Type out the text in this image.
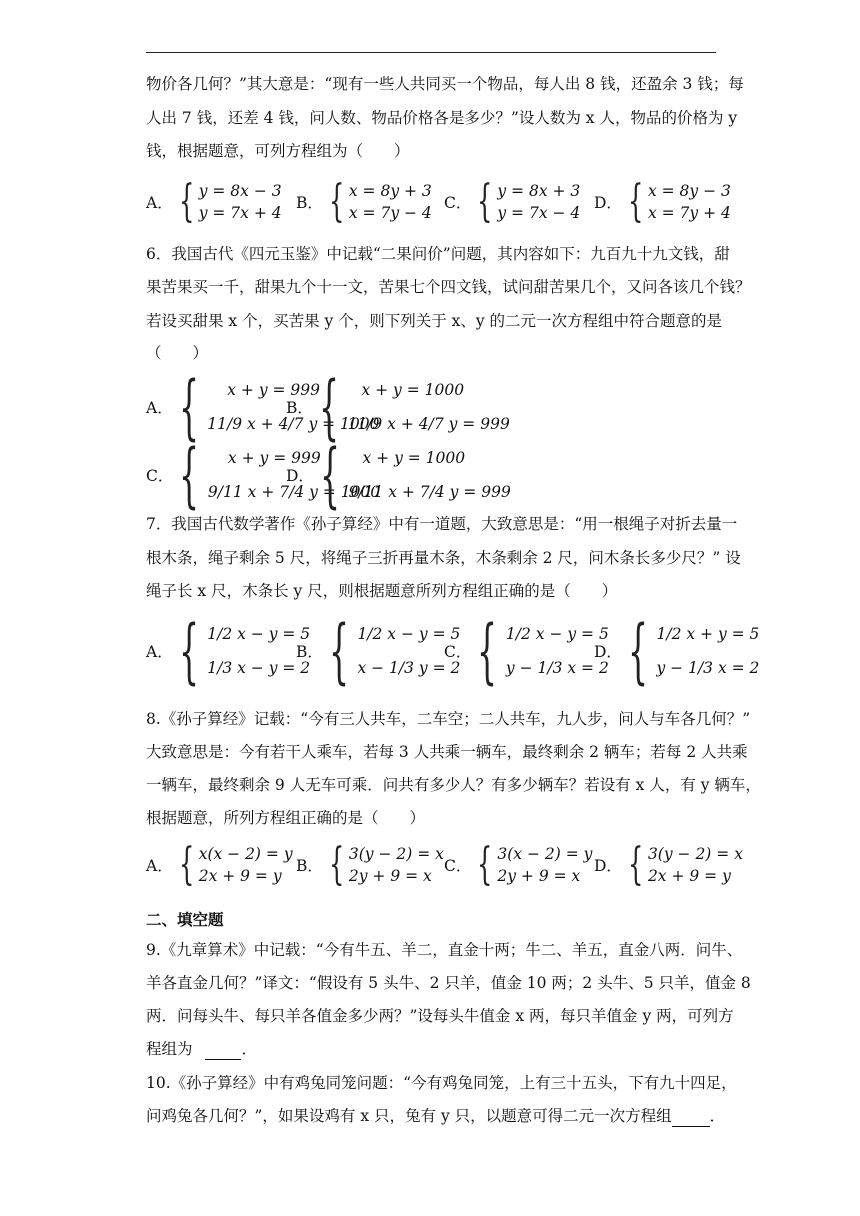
物价各几何？”其大意是：“现有一些人共同买一个物品，每人出 8 钱，还盈余 3 钱；每
人出 7 钱，还差 4 钱，问人数、物品价格各是多少？”设人数为 x 人，物品的价格为 y
钱，根据题意，可列方程组为（　　）
A． { y = 8x − 3
y = 7x + 4
B． { x = 8y + 3
x = 7y − 4
C． { y = 8x + 3
y = 7x − 4
D． { x = 8y − 3
x = 7y + 4
6．我国古代《四元玉鉴》中记载“二果问价”问题，其内容如下：九百九十九文钱，甜
果苦果买一千，甜果九个十一文，苦果七个四文钱，试问甜苦果几个，又问各该几个钱？
若设买甜果 x 个，买苦果 y 个，则下列关于 x、y 的二元一次方程组中符合题意的是
（　　）
A． {	x + y = 999
11/9 x + 4/7 y = 1000
B． {	x + y = 1000
11/9 x + 4/7 y = 999
C． {	x + y = 999
9/11 x + 7/4 y = 1000
D． {	x + y = 1000
9/11 x + 7/4 y = 999
7．我国古代数学著作《孙子算经》中有一道题，大致意思是：“用一根绳子对折去量一
根木条，绳子剩余 5 尺，将绳子三折再量木条，木条剩余 2 尺，问木条长多少尺？” 设
绳子长 x 尺，木条长 y 尺，则根据题意所列方程组正确的是（　　）
A． { 1/2 x − y = 5
1/3 x − y = 2
B． { 1/2 x − y = 5
x − 1/3 y = 2
C． { 1/2 x − y = 5
y − 1/3 x = 2
D． { 1/2 x + y = 5
y − 1/3 x = 2
8.《孙子算经》记载：“今有三人共车，二车空；二人共车，九人步，问人与车各几何？”
大致意思是：今有若干人乘车，若每 3 人共乘一辆车，最终剩余 2 辆车；若每 2 人共乘
一辆车，最终剩余 9 人无车可乘．问共有多少人？有多少辆车？若设有 x 人，有 y 辆车，
根据题意，所列方程组正确的是（　　）
A． { x(x − 2) = y
2x + 9 = y
B． { 3(y − 2) = x
2y + 9 = x
C． { 3(x − 2) = y
2y + 9 = x
D． { 3(y − 2) = x
2x + 9 = y
二、填空题
9.《九章算术》中记载：“今有牛五、羊二，直金十两；牛二、羊五，直金八两．问牛、
羊各直金几何？”译文：“假设有 5 头牛、2 只羊，值金 10 两；2 头牛、5 只羊，值金 8
两．问每头牛、每只羊各值金多少两？”设每头牛值金 x 两，每只羊值金 y 两，可列方
程组为	．
10.《孙子算经》中有鸡兔同笼问题：“今有鸡兔同笼，上有三十五头，下有九十四足，
问鸡兔各几何？”，如果设鸡有 x 只，兔有 y 只，以题意可得二元一次方程组 ．
